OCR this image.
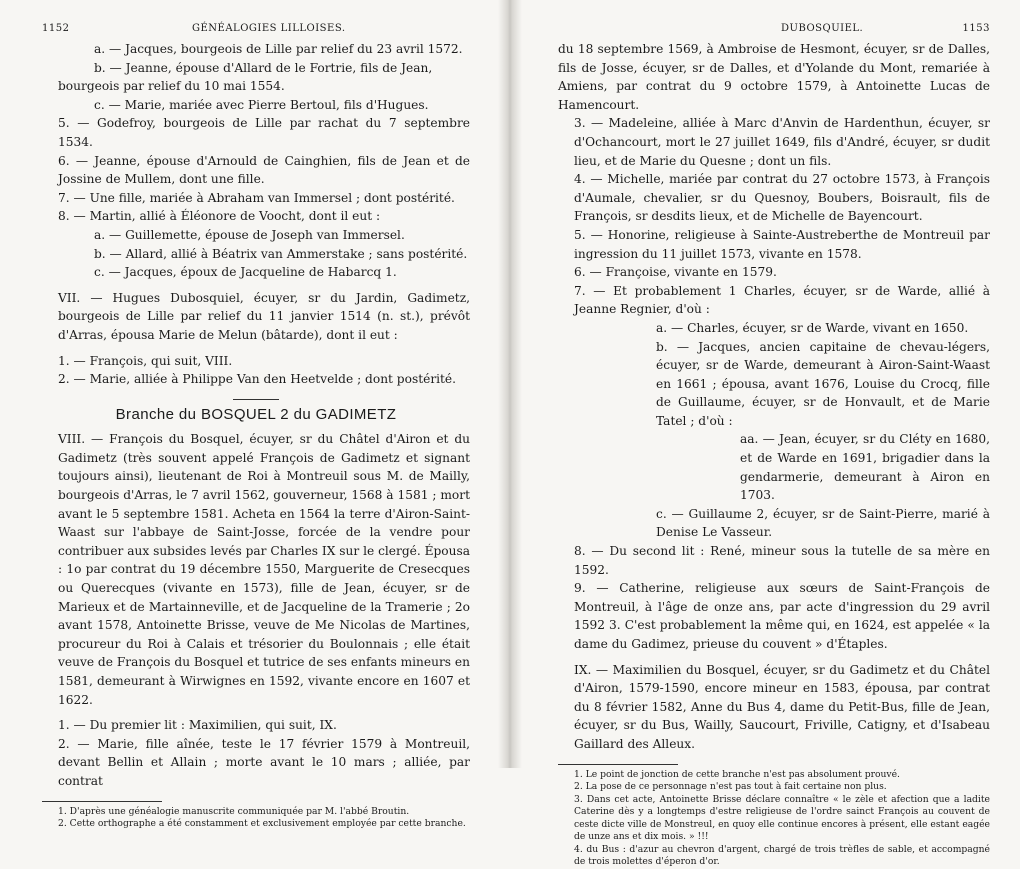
1152	GÉNÉALOGIES LILLOISES.

a. — Jacques, bourgeois de Lille par relief du 23 avril 1572.

b. — Jeanne, épouse d'Allard de le Fortrie, fils de Jean,

bourgeois par relief du 10 mai 1554.

c. — Marie, mariée avec Pierre Bertoul, fils d'Hugues.

5. — Godefroy, bourgeois de Lille par rachat du 7 septembre 1534.

6. — Jeanne, épouse d'Arnould de Cainghien, fils de Jean et de Jossine de Mullem, dont une fille.

7. — Une fille, mariée à Abraham van Immersel ; dont postérité.

8. — Martin, allié à Éléonore de Voocht, dont il eut :

a. — Guillemette, épouse de Joseph van Immersel.

b. — Allard, allié à Béatrix van Ammerstake ; sans postérité.

c. — Jacques, époux de Jacqueline de Habarcq 1.

VII. — Hugues Dubosquiel, écuyer, sr du Jardin, Gadimetz, bourgeois de Lille par relief du 11 janvier 1514 (n. st.), prévôt d'Arras, épousa Marie de Melun (bâtarde), dont il eut :

1. — François, qui suit, VIII.

2. — Marie, alliée à Philippe Van den Heetvelde ; dont postérité.

Branche du BOSQUEL 2 du GADIMETZ

VIII. — François du Bosquel, écuyer, sr du Châtel d'Airon et du Gadimetz (très souvent appelé François de Gadimetz et signant toujours ainsi), lieutenant de Roi à Montreuil sous M. de Mailly, bourgeois d'Arras, le 7 avril 1562, gouverneur, 1568 à 1581 ; mort avant le 5 septembre 1581. Acheta en 1564 la terre d'Airon-Saint-Waast sur l'abbaye de Saint-Josse, forcée de la vendre pour contribuer aux subsides levés par Charles IX sur le clergé. Épousa : 1o par contrat du 19 décembre 1550, Marguerite de Cresecques ou Querecques (vivante en 1573), fille de Jean, écuyer, sr de Marieux et de Martainneville, et de Jacqueline de la Tramerie ; 2o avant 1578, Antoinette Brisse, veuve de Me Nicolas de Martines, procureur du Roi à Calais et trésorier du Boulonnais ; elle était veuve de François du Bosquel et tutrice de ses enfants mineurs en 1581, demeurant à Wirwignes en 1592, vivante encore en 1607 et 1622.

1. — Du premier lit : Maximilien, qui suit, IX.

2. — Marie, fille aînée, teste le 17 février 1579 à Montreuil, devant Bellin et Allain ; morte avant le 10 mars ; alliée, par contrat

1. D'après une généalogie manuscrite communiquée par M. l'abbé Broutin.

2. Cette orthographe a été constamment et exclusivement employée par cette branche.

DUBOSQUIEL.	1153

du 18 septembre 1569, à Ambroise de Hesmont, écuyer, sr de Dalles, fils de Josse, écuyer, sr de Dalles, et d'Yolande du Mont, remariée à Amiens, par contrat du 9 octobre 1579, à Antoinette Lucas de Hamencourt.

3. — Madeleine, alliée à Marc d'Anvin de Hardenthun, écuyer, sr d'Ochancourt, mort le 27 juillet 1649, fils d'André, écuyer, sr dudit lieu, et de Marie du Quesne ; dont un fils.

4. — Michelle, mariée par contrat du 27 octobre 1573, à François d'Aumale, chevalier, sr du Quesnoy, Boubers, Boisrault, fils de François, sr desdits lieux, et de Michelle de Bayencourt.

5. — Honorine, religieuse à Sainte-Austreberthe de Montreuil par ingression du 11 juillet 1573, vivante en 1578.

6. — Françoise, vivante en 1579.

7. — Et probablement 1 Charles, écuyer, sr de Warde, allié à Jeanne Regnier, d'où :

a. — Charles, écuyer, sr de Warde, vivant en 1650.

b. — Jacques, ancien capitaine de chevau-légers, écuyer, sr de Warde, demeurant à Airon-Saint-Waast en 1661 ; épousa, avant 1676, Louise du Crocq, fille de Guillaume, écuyer, sr de Honvault, et de Marie Tatel ; d'où :

aa. — Jean, écuyer, sr du Cléty en 1680, et de Warde en 1691, brigadier dans la gendarmerie, demeurant à Airon en 1703.

c. — Guillaume 2, écuyer, sr de Saint-Pierre, marié à Denise Le Vasseur.

8. — Du second lit : René, mineur sous la tutelle de sa mère en 1592.

9. — Catherine, religieuse aux sœurs de Saint-François de Montreuil, à l'âge de onze ans, par acte d'ingression du 29 avril 1592 3. C'est probablement la même qui, en 1624, est appelée « la dame du Gadimez, prieuse du couvent » d'Étaples.

IX. — Maximilien du Bosquel, écuyer, sr du Gadimetz et du Châtel d'Airon, 1579-1590, encore mineur en 1583, épousa, par contrat du 8 février 1582, Anne du Bus 4, dame du Petit-Bus, fille de Jean, écuyer, sr du Bus, Wailly, Saucourt, Friville, Catigny, et d'Isabeau Gaillard des Alleux.

1. Le point de jonction de cette branche n'est pas absolument prouvé.

2. La pose de ce personnage n'est pas tout à fait certaine non plus.

3. Dans cet acte, Antoinette Brisse déclare connaître « le zèle et afection que a ladite Caterine dès y a longtemps d'estre religieuse de l'ordre sainct François au couvent de ceste dicte ville de Monstreul, en quoy elle continue encores à présent, elle estant eagée de unze ans et dix mois. » !!!

4. du Bus : d'azur au chevron d'argent, chargé de trois trèfles de sable, et accompagné de trois molettes d'éperon d'or.
